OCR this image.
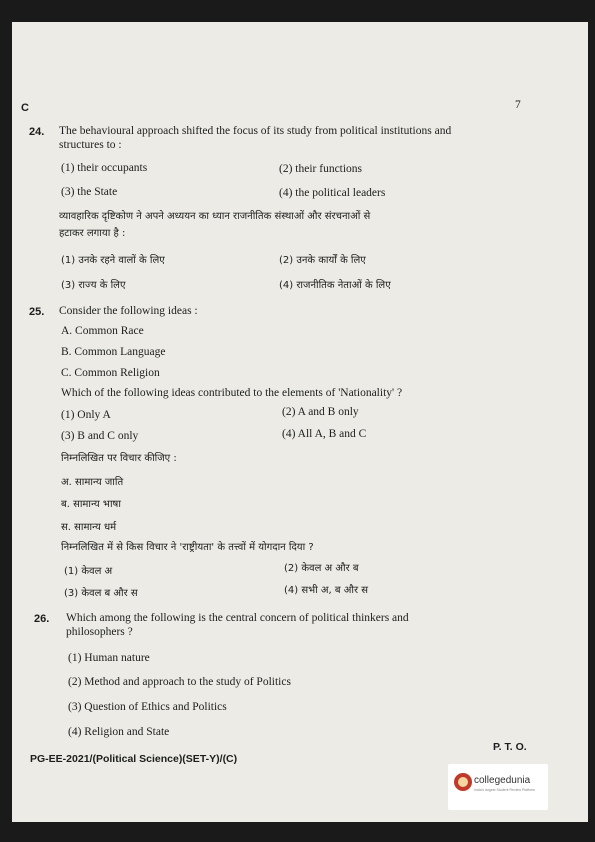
C	7
24. The behavioural approach shifted the focus of its study from political institutions and
structures to :
(1) their occupants	(2) their functions
(3) the State	(4) the political leaders
व्यावहारिक दृष्टिकोण ने अपने अध्ययन का ध्यान राजनीतिक संस्थाओं और संरचनाओं से
हटाकर लगाया है :
(1) उनके रहने वालों के लिए	(2) उनके कार्यों के लिए
(3) राज्य के लिए	(4) राजनीतिक नेताओं के लिए
25. Consider the following ideas :
A. Common Race
B. Common Language
C. Common Religion
Which of the following ideas contributed to the elements of 'Nationality' ?
(1) Only A	(2) A and B only
(3) B and C only	(4) All A, B and C
निम्नलिखित पर विचार कीजिए :
अ. सामान्य जाति
ब. सामान्य भाषा
स. सामान्य धर्म
निम्नलिखित में से किस विचार ने 'राष्ट्रीयता' के तत्त्वों में योगदान दिया ?
(1) केवल अ	(2) केवल अ और ब
(3) केवल ब और स	(4) सभी अ, ब और स
26. Which among the following is the central concern of political thinkers and
philosophers ?
(1) Human nature
(2) Method and approach to the study of Politics
(3) Question of Ethics and Politics
(4) Religion and State
PG-EE-2021/(Political Science)(SET-Y)/(C)
P. T. O.
collegedunia
India's largest Student Review Platform
